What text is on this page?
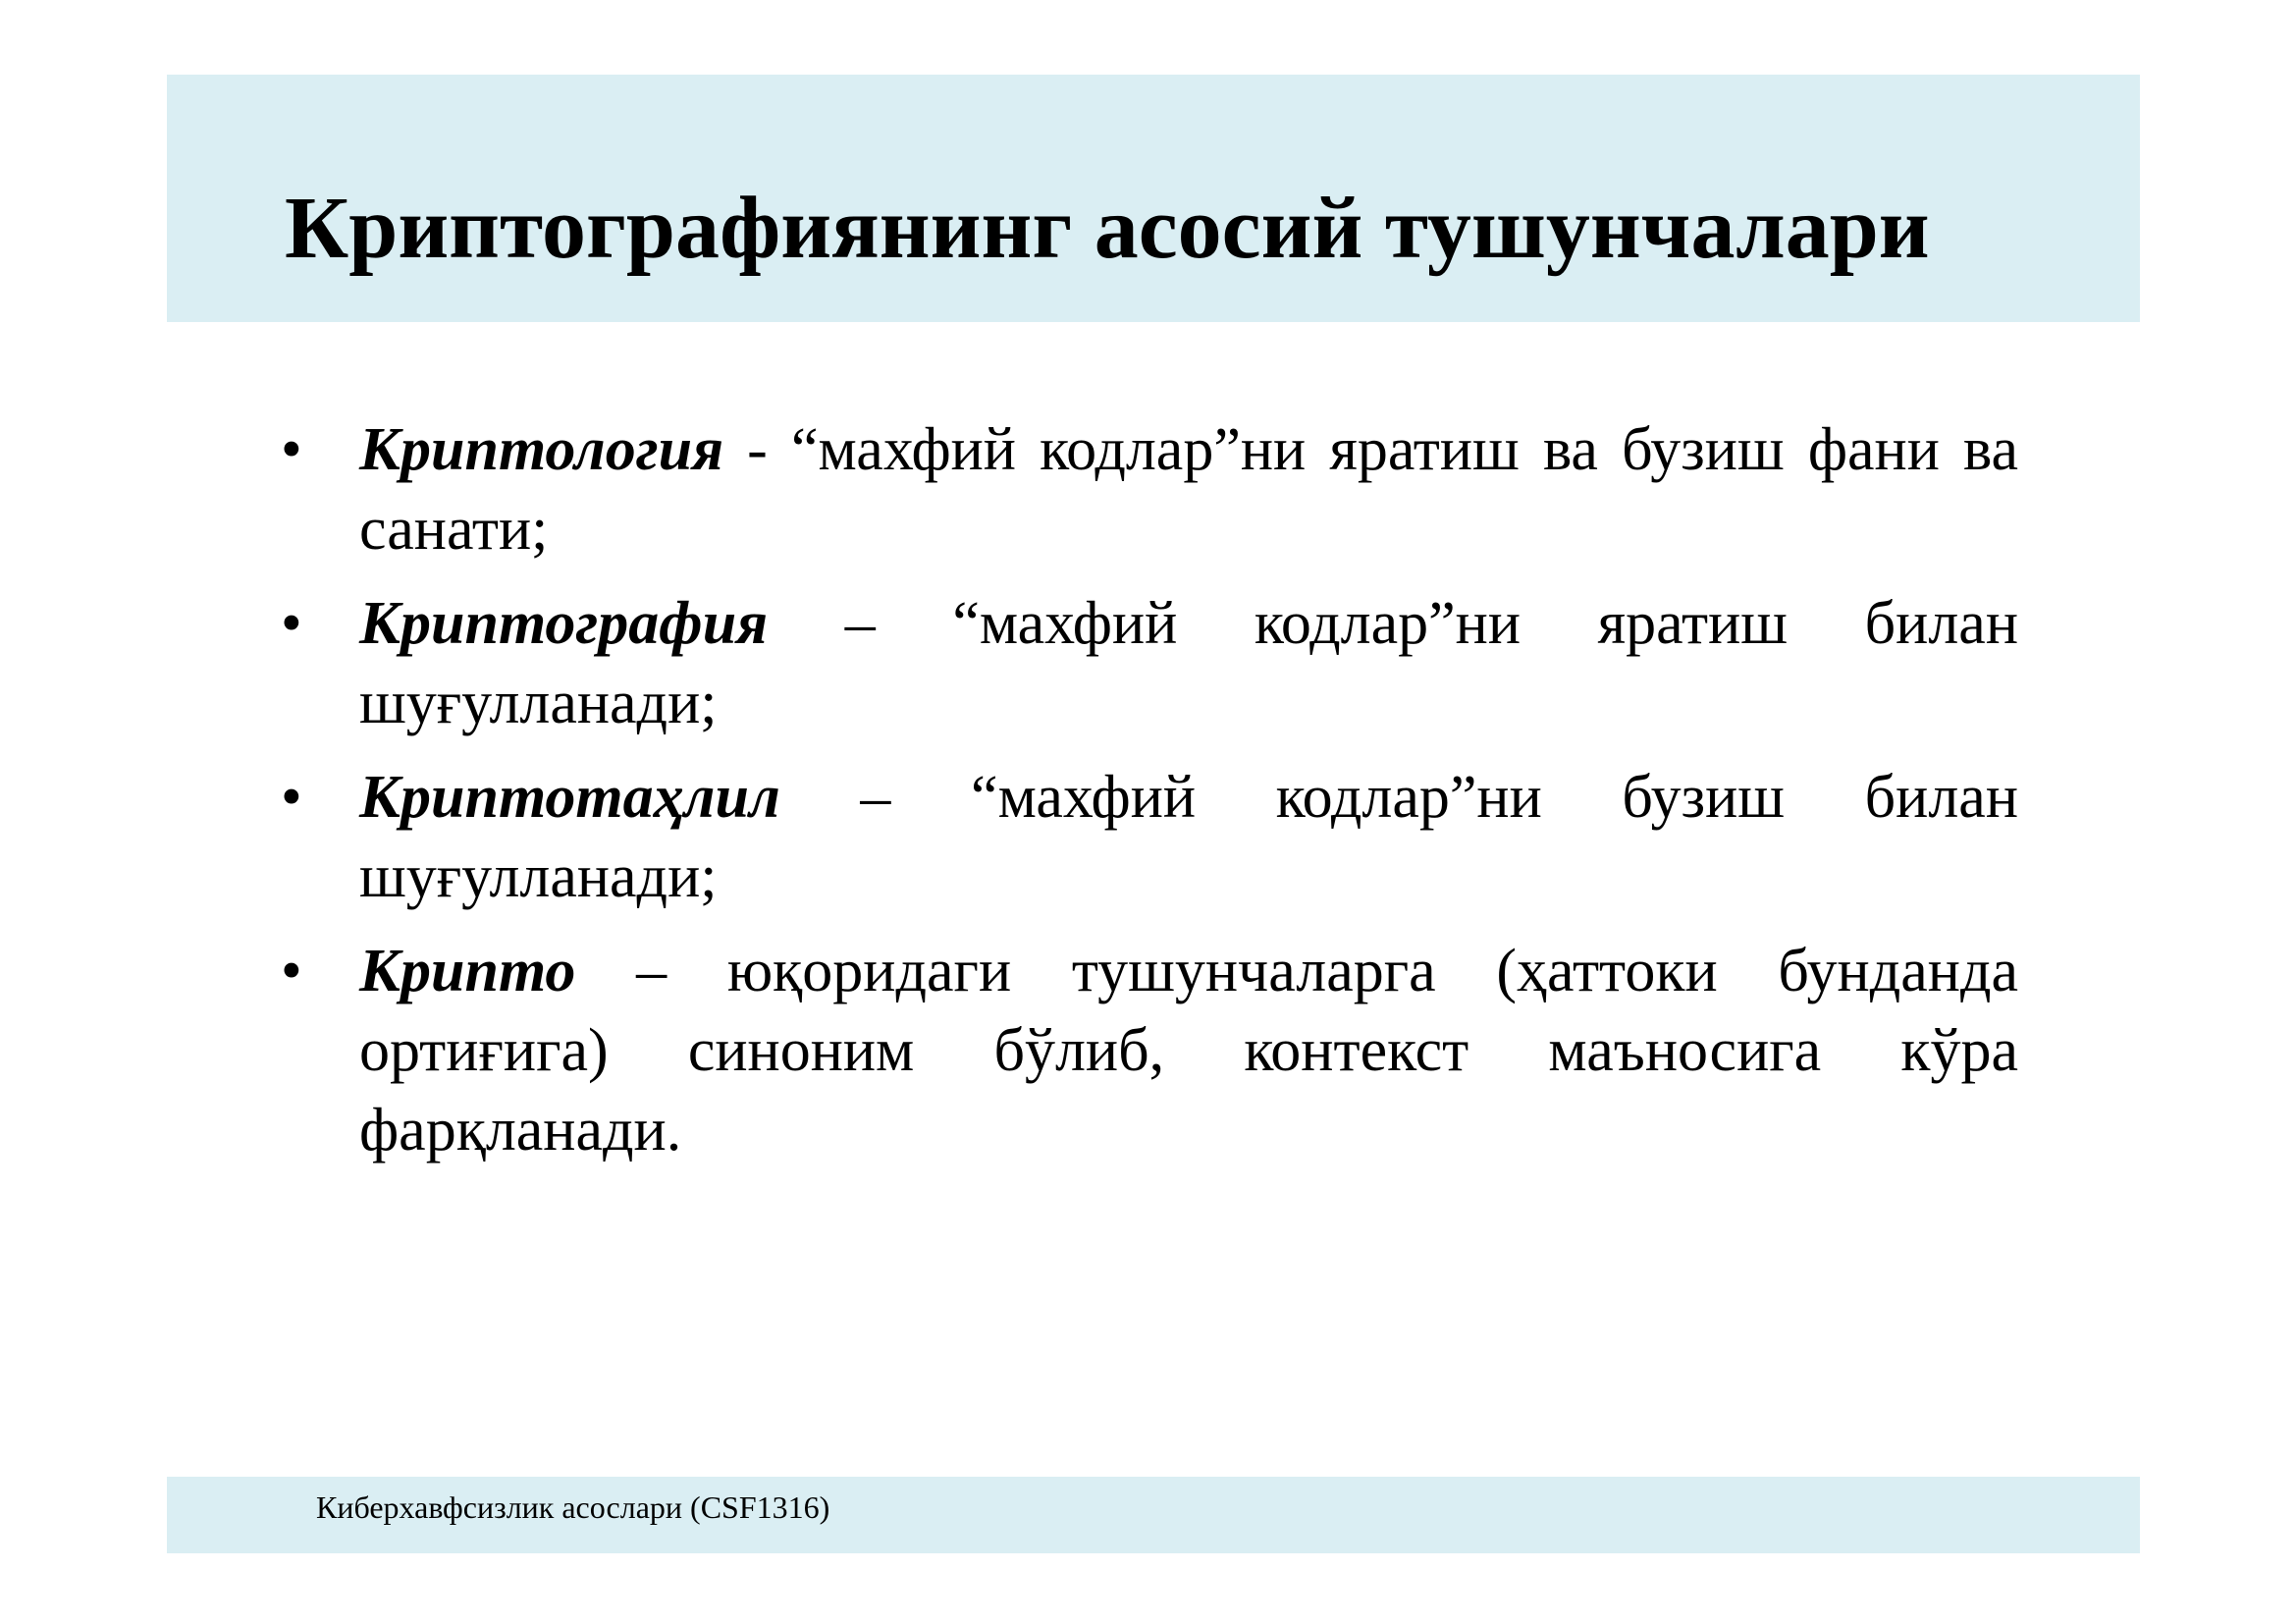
Криптографиянинг асосий тушунчалари
• Криптология - “махфий кодлар”ни яратиш ва бузиш фани ва санати;
• Криптография – “махфий кодлар”ни яратиш билан шуғулланади;
• Криптотаҳлил – “махфий кодлар”ни бузиш билан шуғулланади;
• Крипто – юқоридаги тушунчаларга (ҳаттоки бунданда ортиғига) синоним бўлиб, контекст маъносига кўра фарқланади.
Киберхавфсизлик асослари (CSF1316)
